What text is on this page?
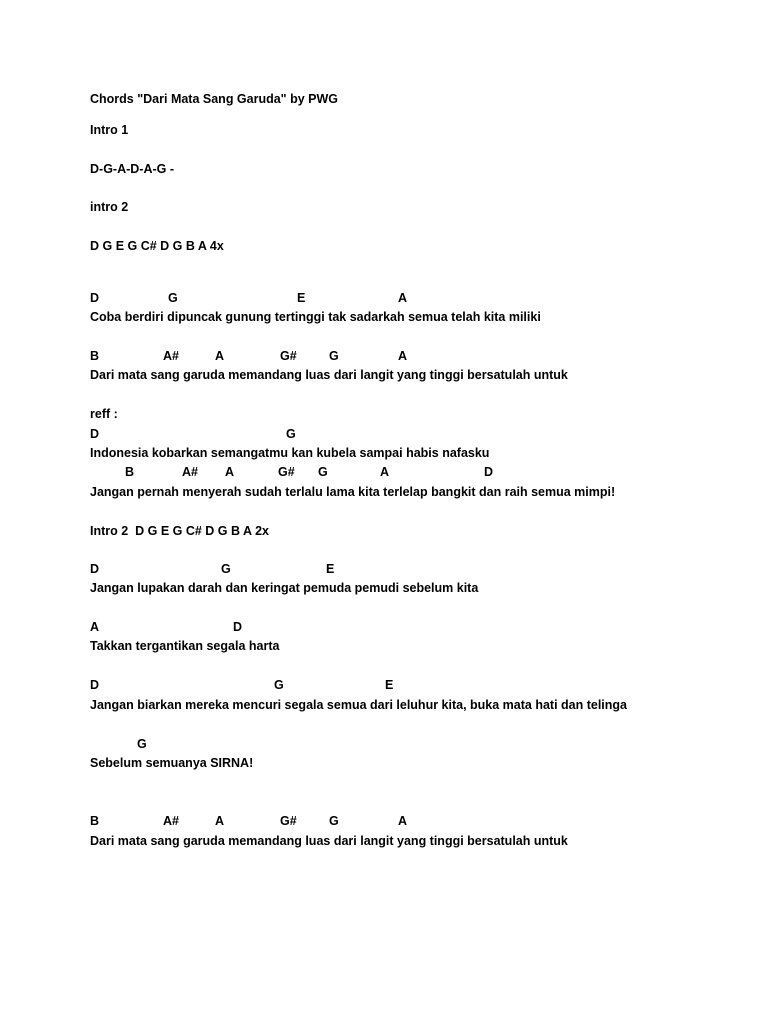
Chords "Dari Mata Sang Garuda" by PWG
Intro 1
D-G-A-D-A-G -
intro 2
D G E G C# D G B A 4x
D	G	E	A
Coba berdiri dipuncak gunung tertinggi tak sadarkah semua telah kita miliki
B	A#	A	G#	G	A
Dari mata sang garuda memandang luas dari langit yang tinggi bersatulah untuk
reff :
D	G
Indonesia kobarkan semangatmu kan kubela sampai habis nafasku
B	A# A	G# G	A	D
Jangan pernah menyerah sudah terlalu lama kita terlelap bangkit dan raih semua mimpi!
Intro 2  D G E G C# D G B A 2x
D	G	E
Jangan lupakan darah dan keringat pemuda pemudi sebelum kita
A	D
Takkan tergantikan segala harta
D	G	E
Jangan biarkan mereka mencuri segala semua dari leluhur kita, buka mata hati dan telinga
G
Sebelum semuanya SIRNA!
B	A#	A	G#	G	A
Dari mata sang garuda memandang luas dari langit yang tinggi bersatulah untuk
